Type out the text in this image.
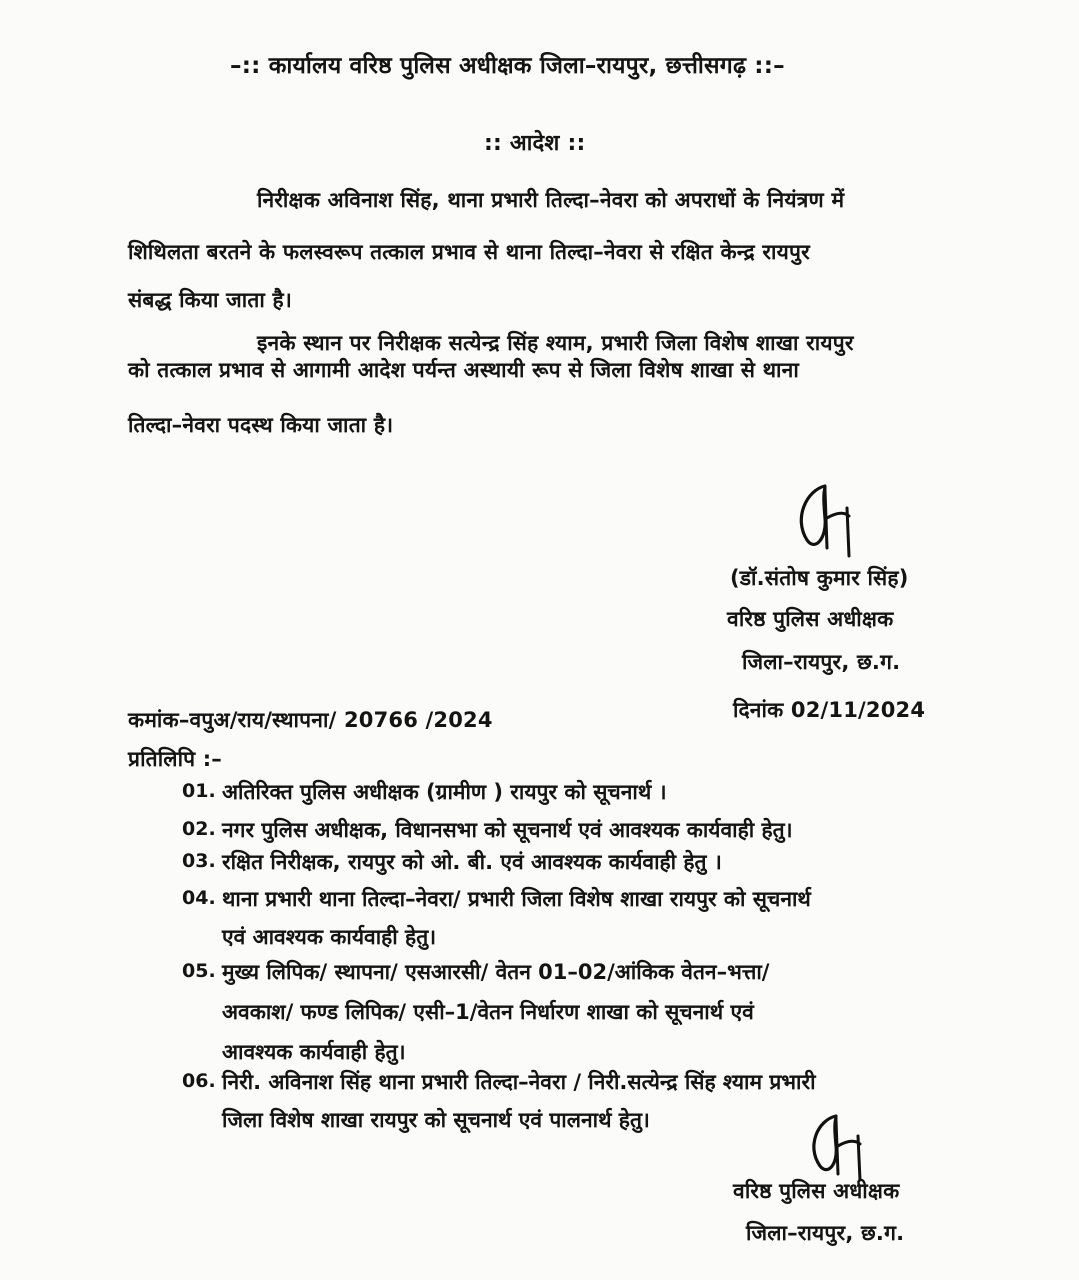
–:: कार्यालय वरिष्ठ पुलिस अधीक्षक जिला–रायपुर, छत्तीसगढ़ ::–
:: आदेश ::
निरीक्षक अविनाश सिंह, थाना प्रभारी तिल्दा–नेवरा को अपराधों के नियंत्रण में
शिथिलता बरतने के फलस्वरूप तत्काल प्रभाव से थाना तिल्दा–नेवरा से रक्षित केन्द्र रायपुर
संबद्ध किया जाता है।
इनके स्थान पर निरीक्षक सत्येन्द्र सिंह श्याम, प्रभारी जिला विशेष शाखा रायपुर
को तत्काल प्रभाव से आगामी आदेश पर्यन्त अस्थायी रूप से जिला विशेष शाखा से थाना
तिल्दा–नेवरा पदस्थ किया जाता है।
(डॉ.संतोष कुमार सिंह)
वरिष्ठ पुलिस अधीक्षक
जिला–रायपुर, छ.ग.
कमांक–वपुअ/राय/स्थापना/ 20766 /2024	दिनांक 02/11/2024
प्रतिलिपि :–
01. अतिरिक्त पुलिस अधीक्षक (ग्रामीण ) रायपुर को सूचनार्थ ।
02. नगर पुलिस अधीक्षक, विधानसभा को सूचनार्थ एवं आवश्यक कार्यवाही हेतु।
03. रक्षित निरीक्षक, रायपुर को ओ. बी. एवं आवश्यक कार्यवाही हेतु ।
04. थाना प्रभारी थाना तिल्दा–नेवरा/ प्रभारी जिला विशेष शाखा रायपुर को सूचनार्थ
एवं आवश्यक कार्यवाही हेतु।
05. मुख्य लिपिक/ स्थापना/ एसआरसी/ वेतन 01–02/आंकिक वेतन–भत्ता/
अवकाश/ फण्ड लिपिक/ एसी–1/वेतन निर्धारण शाखा को सूचनार्थ एवं
आवश्यक कार्यवाही हेतु।
06. निरी. अविनाश सिंह थाना प्रभारी तिल्दा–नेवरा / निरी.सत्येन्द्र सिंह श्याम प्रभारी
जिला विशेष शाखा रायपुर को सूचनार्थ एवं पालनार्थ हेतु।
वरिष्ठ पुलिस अधीक्षक
जिला–रायपुर, छ.ग.
